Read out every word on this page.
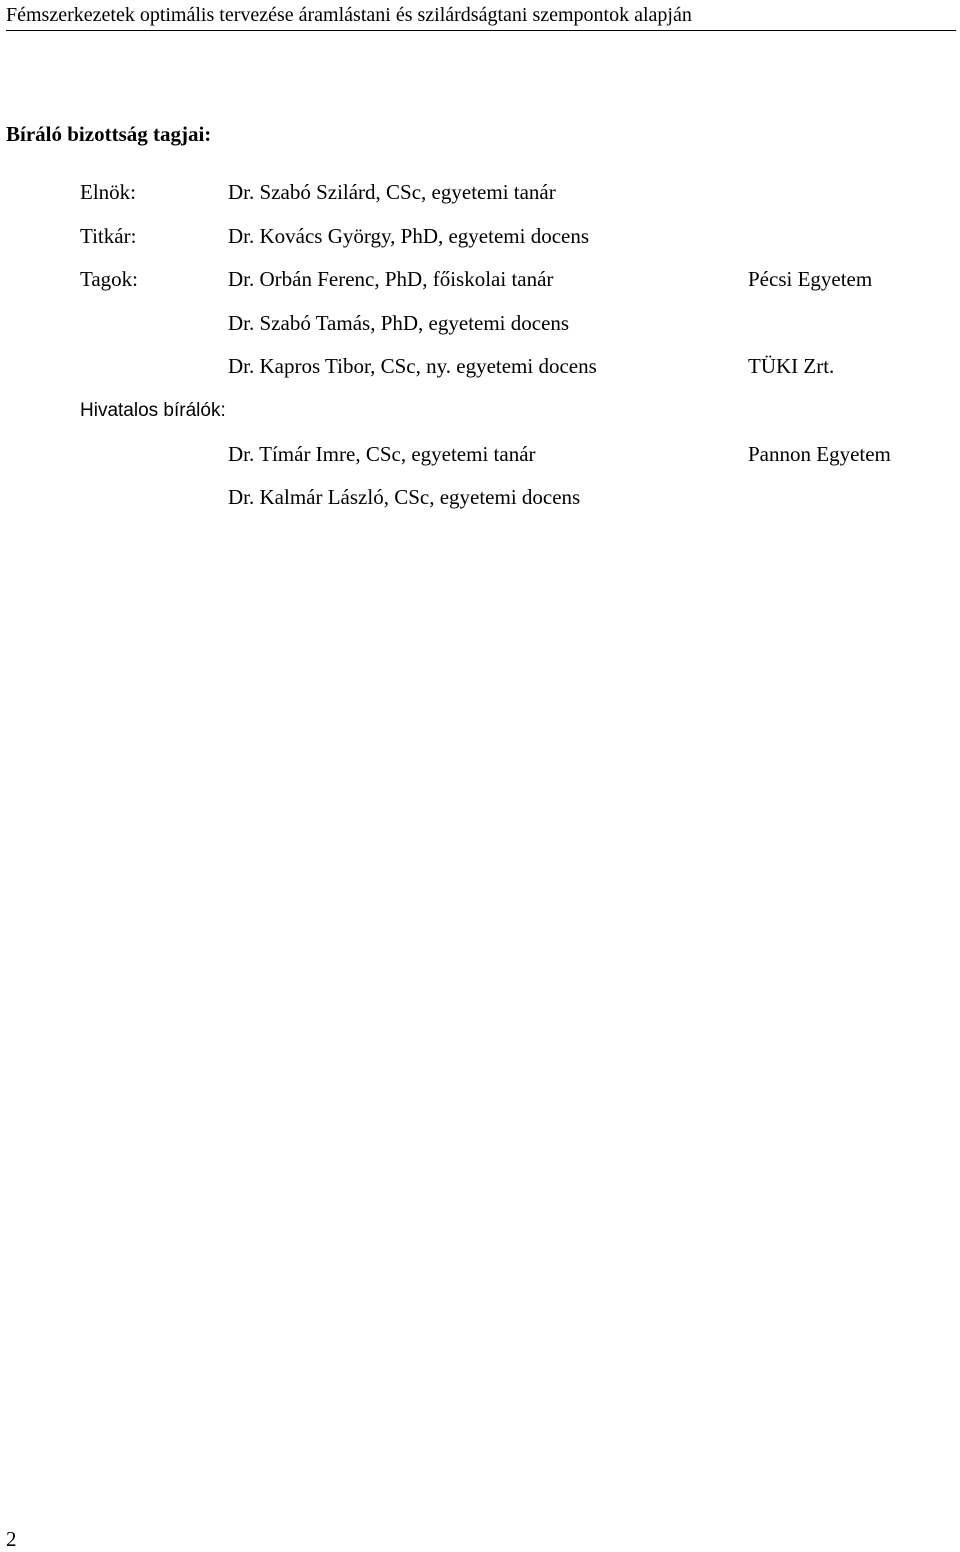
Fémszerkezetek optimális tervezése áramlástani és szilárdságtani szempontok alapján
Bíráló bizottság tagjai:
Elnök:	Dr. Szabó Szilárd, CSc, egyetemi tanár
Titkár:	Dr. Kovács György, PhD, egyetemi docens
Tagok:	Dr. Orbán Ferenc, PhD, főiskolai tanár	Pécsi Egyetem
Dr. Szabó Tamás, PhD, egyetemi docens
Dr. Kapros Tibor, CSc, ny. egyetemi docens	TÜKI Zrt.
Hivatalos bírálók:
Dr. Tímár Imre, CSc, egyetemi tanár	Pannon Egyetem
Dr. Kalmár László, CSc, egyetemi docens
2
